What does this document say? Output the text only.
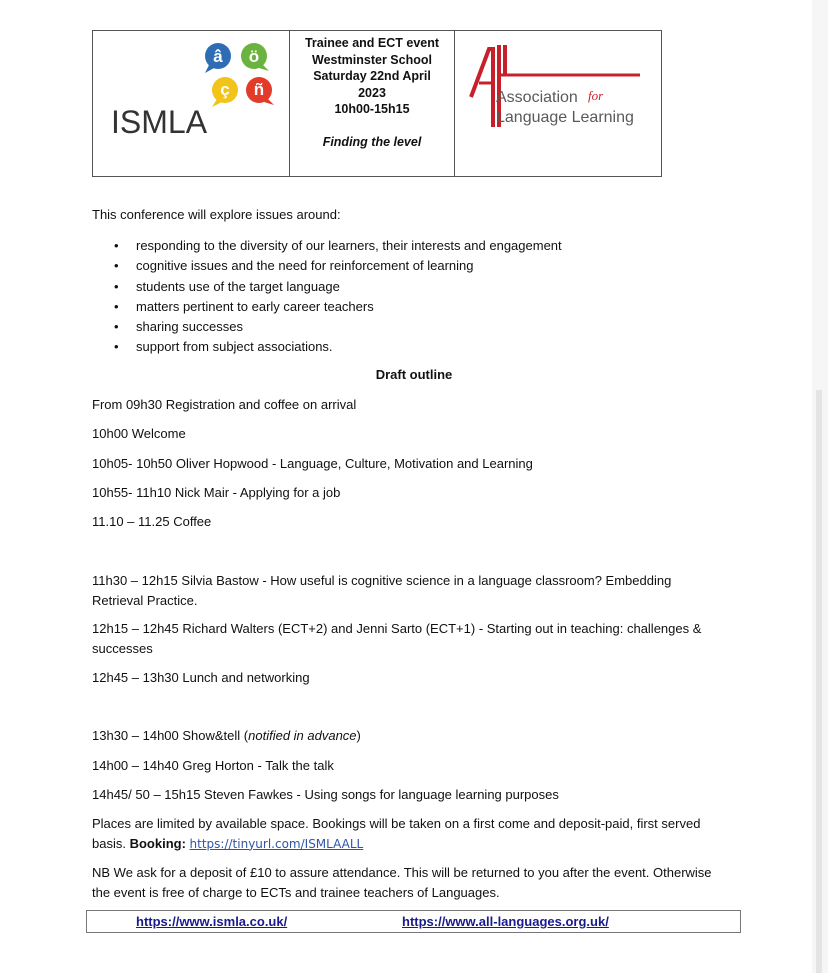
â ö
ç ñ
ISMLA
Trainee and ECT event
Westminster School
Saturday 22nd April
2023
10h00-15h15
Finding the level
Association for
Language Learning
This conference will explore issues around:
• responding to the diversity of our learners, their interests and engagement
• cognitive issues and the need for reinforcement of learning
• students use of the target language
• matters pertinent to early career teachers
• sharing successes
• support from subject associations.
Draft outline
From 09h30 Registration and coffee on arrival
10h00 Welcome
10h05- 10h50 Oliver Hopwood - Language, Culture, Motivation and Learning
10h55- 11h10 Nick Mair - Applying for a job
11.10 – 11.25 Coffee
11h30 – 12h15 Silvia Bastow - How useful is cognitive science in a language classroom? Embedding Retrieval Practice.
12h15 – 12h45 Richard Walters (ECT+2) and Jenni Sarto (ECT+1) - Starting out in teaching: challenges & successes
12h45 – 13h30 Lunch and networking
13h30 – 14h00 Show&tell (notified in advance)
14h00 – 14h40 Greg Horton - Talk the talk
14h45/ 50 – 15h15 Steven Fawkes - Using songs for language learning purposes
Places are limited by available space. Bookings will be taken on a first come and deposit-paid, first served basis. Booking: https://tinyurl.com/ISMLAALL
NB We ask for a deposit of £10 to assure attendance. This will be returned to you after the event. Otherwise the event is free of charge to ECTs and trainee teachers of Languages.
https://www.ismla.co.uk/	https://www.all-languages.org.uk/
